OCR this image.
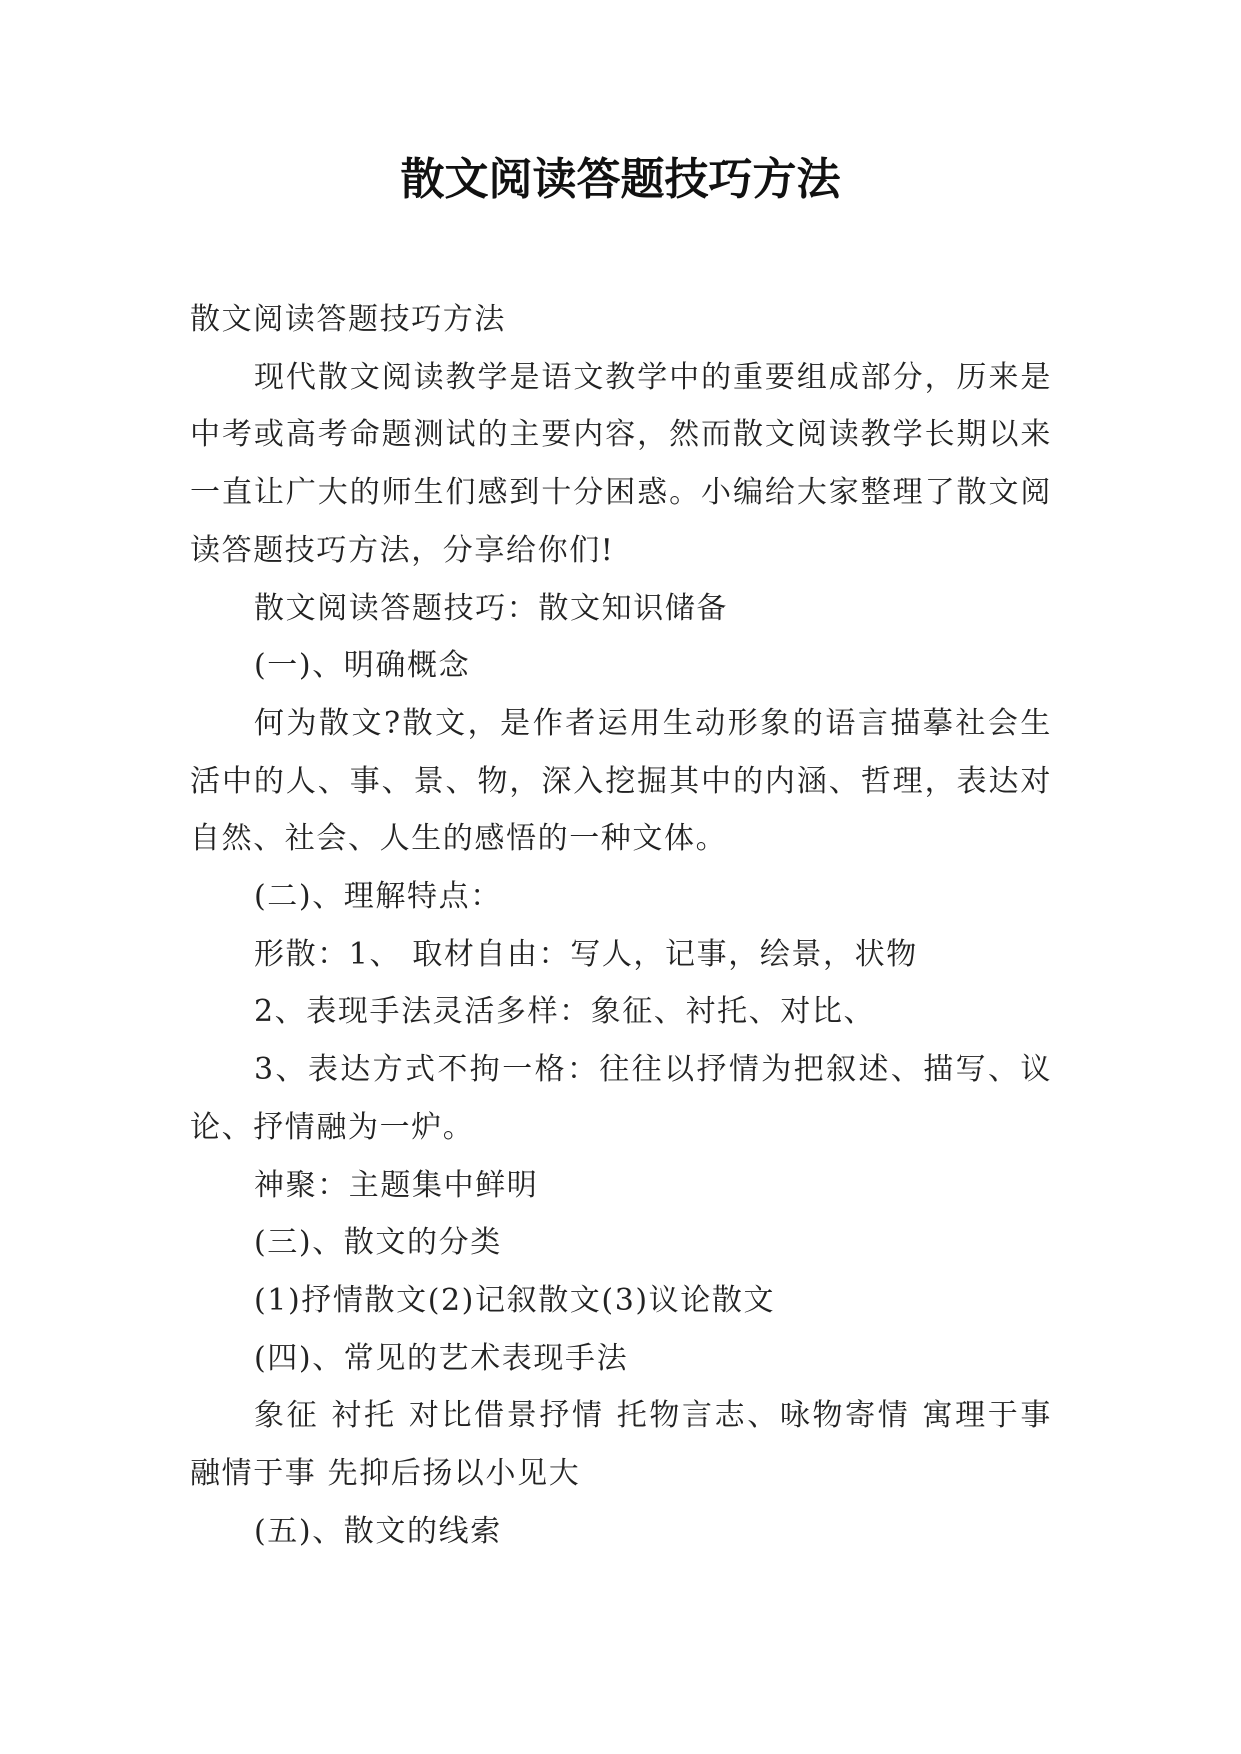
散文阅读答题技巧方法

散文阅读答题技巧方法

现代散文阅读教学是语文教学中的重要组成部分，历来是中考或高考命题测试的主要内容，然而散文阅读教学长期以来一直让广大的师生们感到十分困惑。小编给大家整理了散文阅读答题技巧方法，分享给你们!

散文阅读答题技巧：散文知识储备

(一)、明确概念

何为散文?散文，是作者运用生动形象的语言描摹社会生活中的人、事、景、物，深入挖掘其中的内涵、哲理，表达对自然、社会、人生的感悟的一种文体。

(二)、理解特点：

形散：1、 取材自由：写人，记事，绘景，状物

2、表现手法灵活多样：象征、衬托、对比、

3、表达方式不拘一格：往往以抒情为把叙述、描写、议论、抒情融为一炉。

神聚：主题集中鲜明

(三)、散文的分类

(1)抒情散文(2)记叙散文(3)议论散文

(四)、常见的艺术表现手法

象征 衬托 对比借景抒情 托物言志、咏物寄情 寓理于事 融情于事 先抑后扬以小见大

(五)、散文的线索
